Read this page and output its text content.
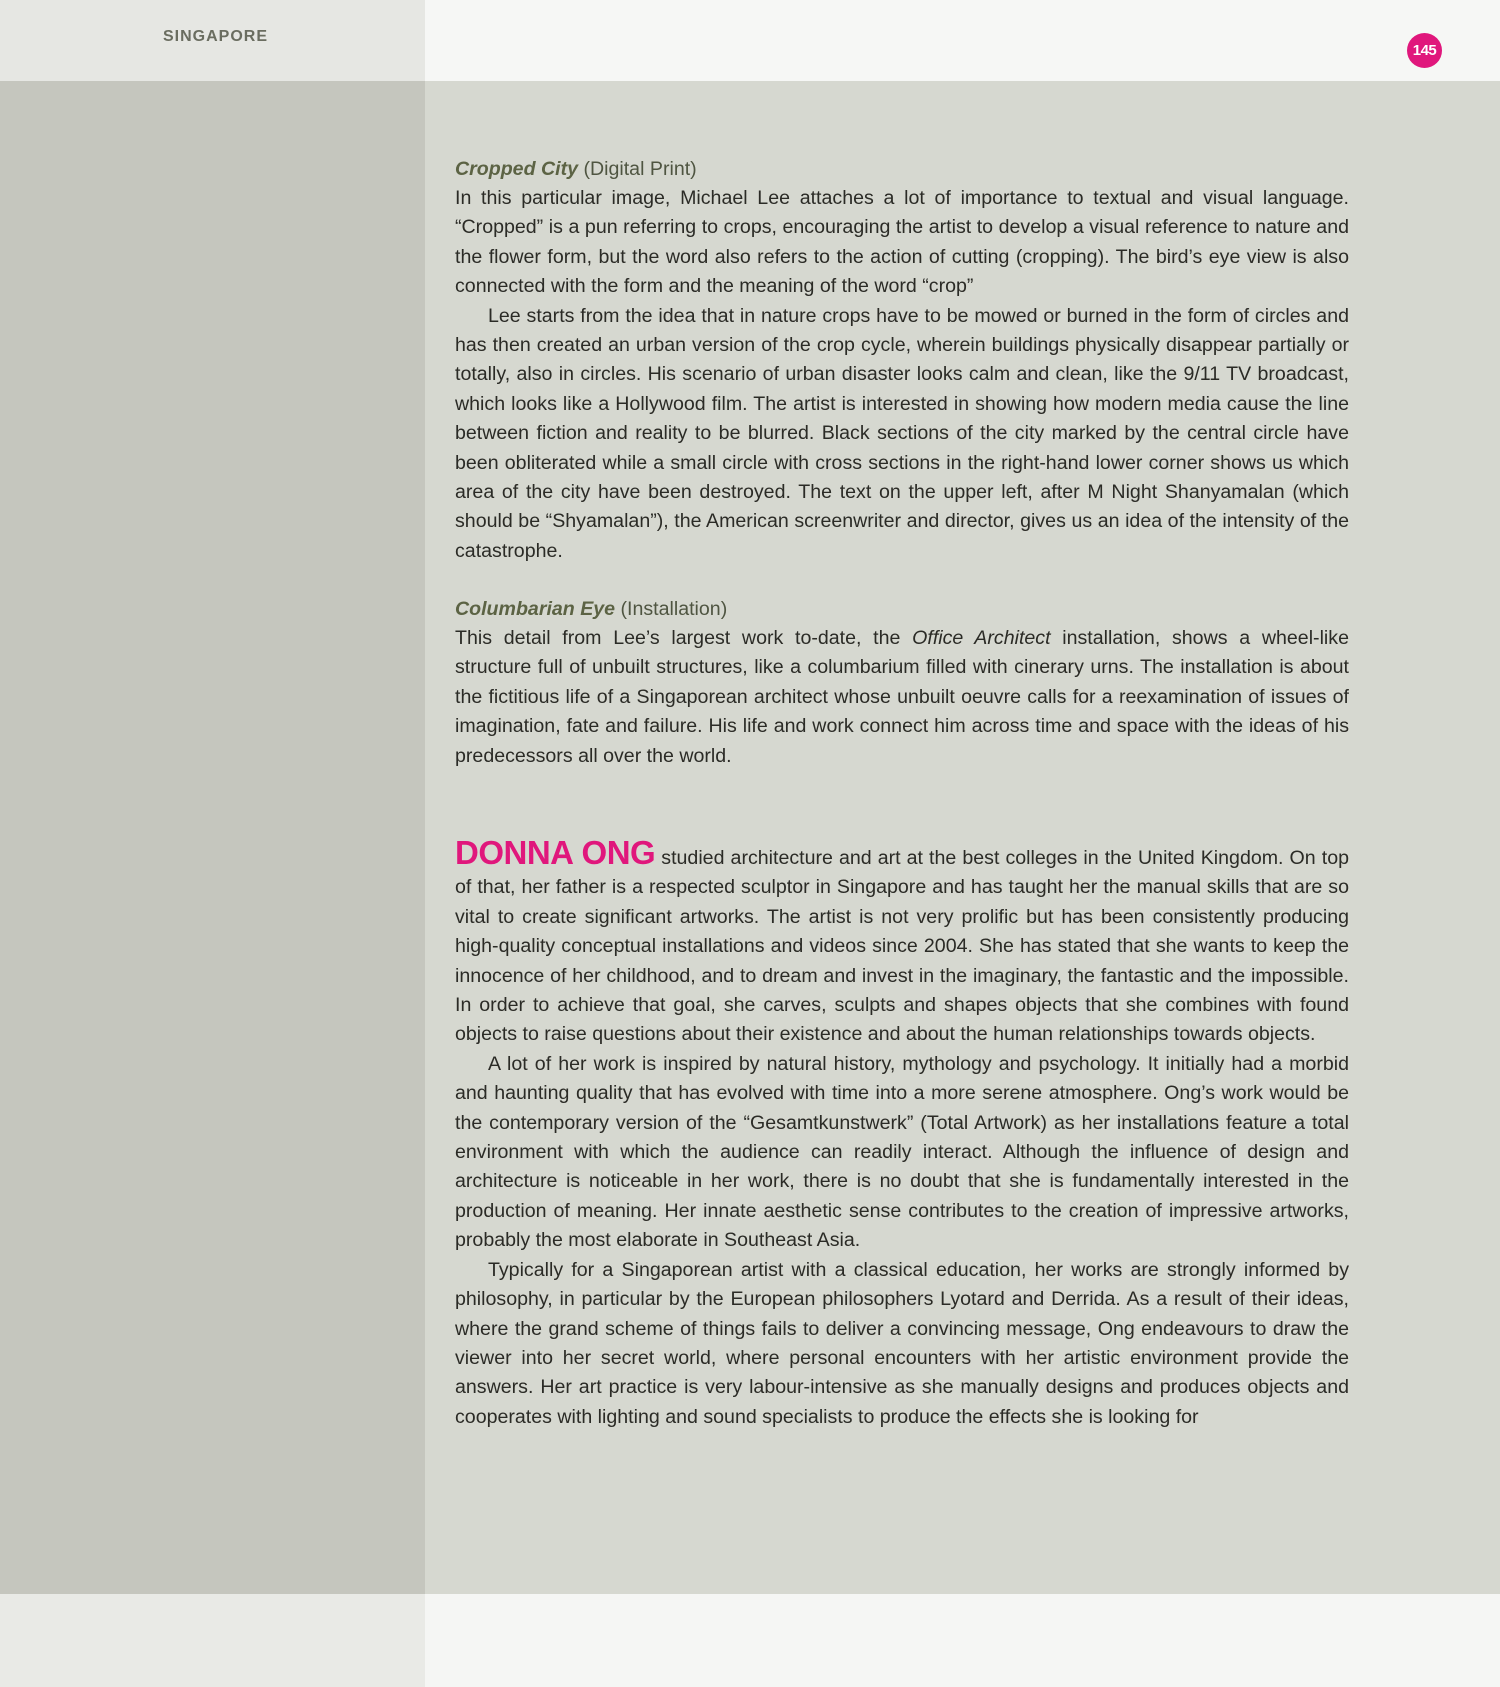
SINGAPORE
145
Cropped City (Digital Print)

In this particular image, Michael Lee attaches a lot of importance to textual and visual language. “Cropped” is a pun referring to crops, encouraging the artist to develop a visual reference to nature and the flower form, but the word also refers to the action of cutting (cropping). The bird’s eye view is also connected with the form and the meaning of the word “crop”

Lee starts from the idea that in nature crops have to be mowed or burned in the form of circles and has then created an urban version of the crop cycle, wherein buildings physically disappear partially or totally, also in circles. His scenario of urban disaster looks calm and clean, like the 9/11 TV broadcast, which looks like a Hollywood film. The artist is interested in showing how modern media cause the line between fiction and reality to be blurred. Black sections of the city marked by the central circle have been obliterated while a small circle with cross sections in the right-hand lower corner shows us which area of the city have been destroyed. The text on the upper left, after M Night Shanyamalan (which should be “Shyamalan”), the American screenwriter and director, gives us an idea of the intensity of the catastrophe.

Columbarian Eye (Installation)

This detail from Lee’s largest work to-date, the Office Architect installation, shows a wheel-like structure full of unbuilt structures, like a columbarium filled with cinerary urns. The installation is about the fictitious life of a Singaporean architect whose unbuilt oeuvre calls for a reexamination of issues of imagination, fate and failure. His life and work connect him across time and space with the ideas of his predecessors all over the world.

DONNA ONG studied architecture and art at the best colleges in the United Kingdom. On top of that, her father is a respected sculptor in Singapore and has taught her the manual skills that are so vital to create significant artworks. The artist is not very prolific but has been consistently producing high-quality conceptual installations and videos since 2004. She has stated that she wants to keep the innocence of her childhood, and to dream and invest in the imaginary, the fantastic and the impossible. In order to achieve that goal, she carves, sculpts and shapes objects that she combines with found objects to raise questions about their existence and about the human relationships towards objects.

A lot of her work is inspired by natural history, mythology and psychology. It initially had a morbid and haunting quality that has evolved with time into a more serene atmosphere. Ong’s work would be the contemporary version of the “Gesamtkunstwerk” (Total Artwork) as her installations feature a total environment with which the audience can readily interact. Although the influence of design and architecture is noticeable in her work, there is no doubt that she is fundamentally interested in the production of meaning. Her innate aesthetic sense contributes to the creation of impressive artworks, probably the most elaborate in Southeast Asia.

Typically for a Singaporean artist with a classical education, her works are strongly informed by philosophy, in particular by the European philosophers Lyotard and Derrida. As a result of their ideas, where the grand scheme of things fails to deliver a convincing message, Ong endeavours to draw the viewer into her secret world, where personal encounters with her artistic environment provide the answers. Her art practice is very labour-intensive as she manually designs and produces objects and cooperates with lighting and sound specialists to produce the effects she is looking for
